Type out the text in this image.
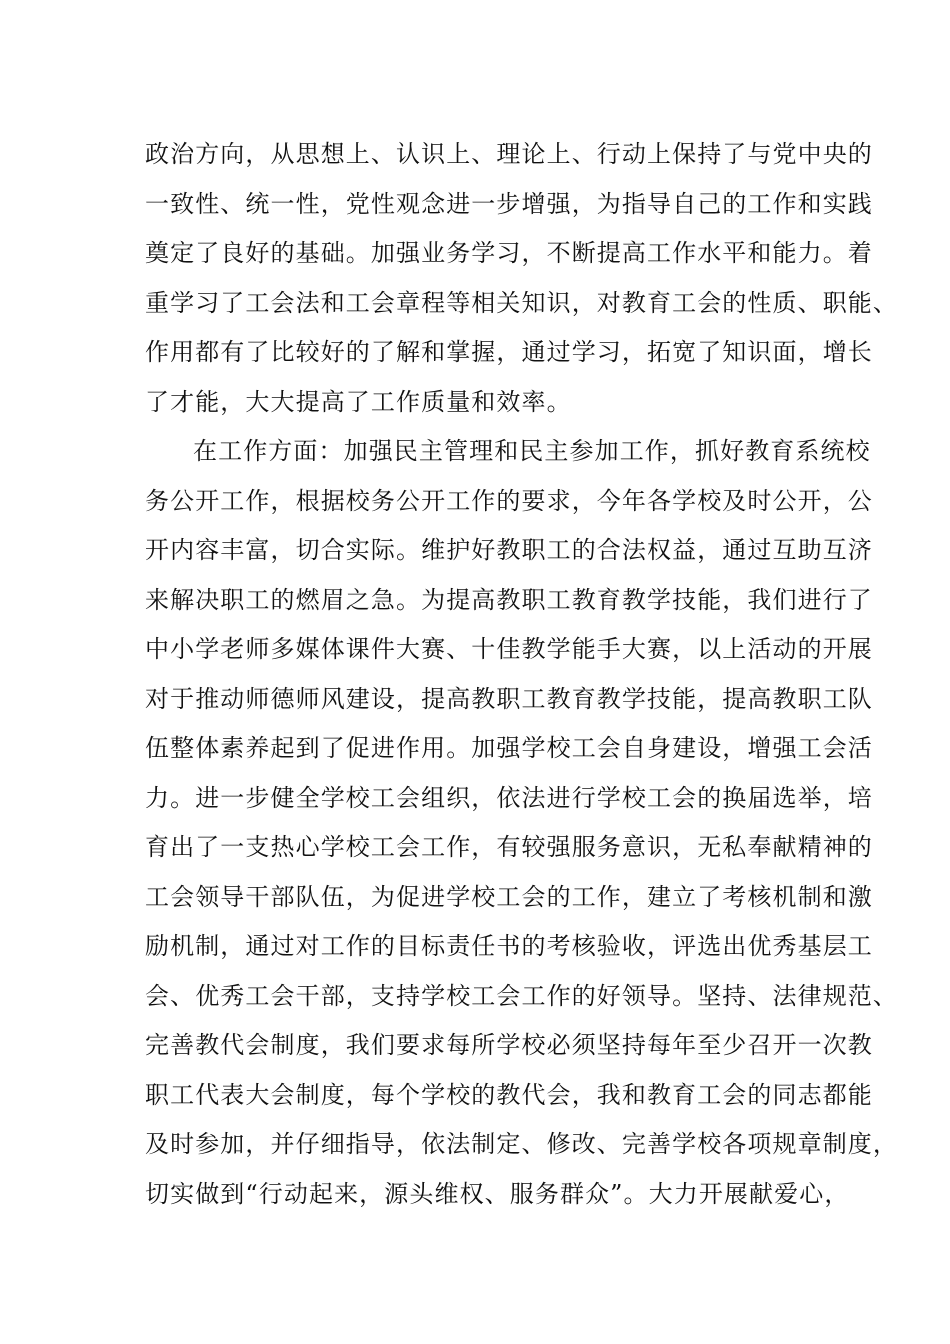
政治方向，从思想上、认识上、理论上、行动上保持了与党中央的
一致性、统一性，党性观念进一步增强，为指导自己的工作和实践
奠定了良好的基础。加强业务学习，不断提高工作水平和能力。着
重学习了工会法和工会章程等相关知识，对教育工会的性质、职能、
作用都有了比较好的了解和掌握，通过学习，拓宽了知识面，增长
了才能，大大提高了工作质量和效率。
在工作方面：加强民主管理和民主参加工作，抓好教育系统校
务公开工作，根据校务公开工作的要求，今年各学校及时公开，公
开内容丰富，切合实际。维护好教职工的合法权益，通过互助互济
来解决职工的燃眉之急。为提高教职工教育教学技能，我们进行了
中小学老师多媒体课件大赛、十佳教学能手大赛，以上活动的开展
对于推动师德师风建设，提高教职工教育教学技能，提高教职工队
伍整体素养起到了促进作用。加强学校工会自身建设，增强工会活
力。进一步健全学校工会组织，依法进行学校工会的换届选举，培
育出了一支热心学校工会工作，有较强服务意识，无私奉献精神的
工会领导干部队伍，为促进学校工会的工作，建立了考核机制和激
励机制，通过对工作的目标责任书的考核验收，评选出优秀基层工
会、优秀工会干部，支持学校工会工作的好领导。坚持、法律规范、
完善教代会制度，我们要求每所学校必须坚持每年至少召开一次教
职工代表大会制度，每个学校的教代会，我和教育工会的同志都能
及时参加，并仔细指导，依法制定、修改、完善学校各项规章制度，
切实做到“行动起来，源头维权、服务群众”。大力开展献爱心，
